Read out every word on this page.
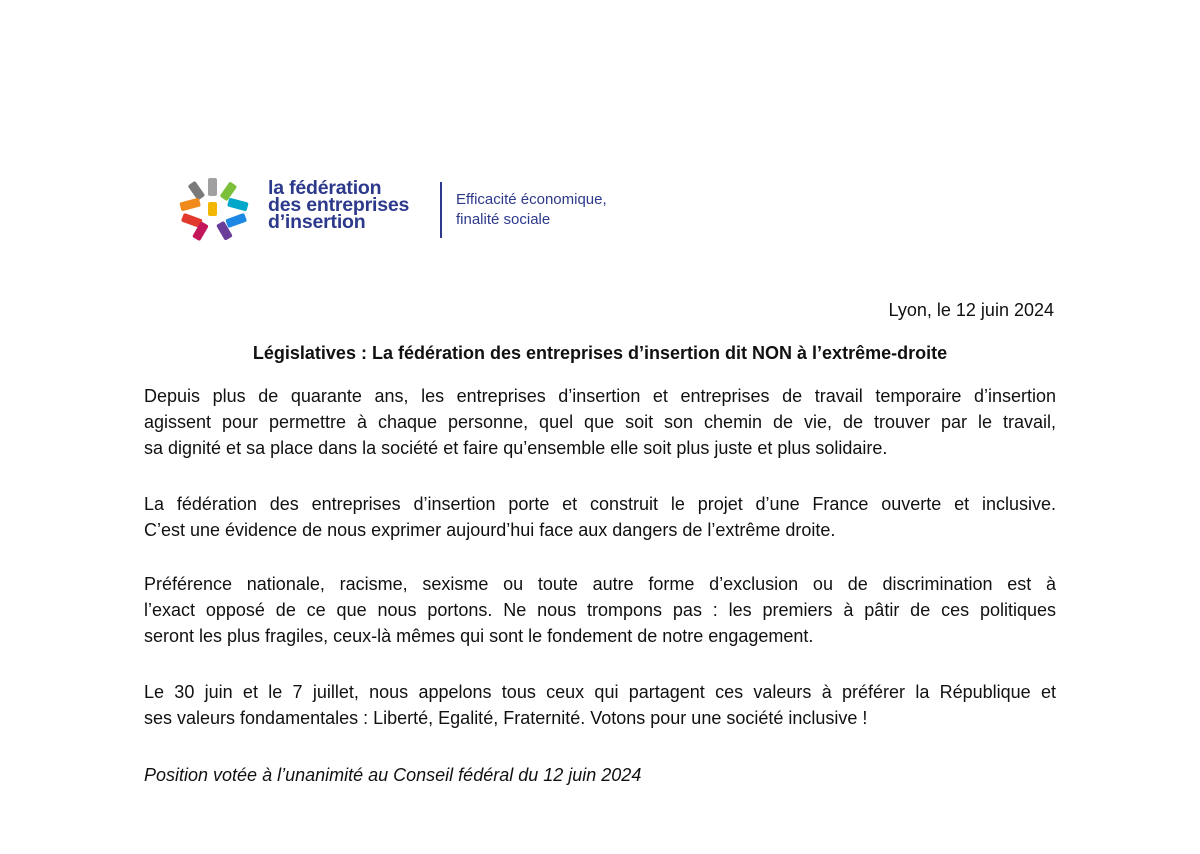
la fédération
des entreprises
d’insertion
Efficacité économique,
finalité sociale
Lyon, le 12 juin 2024
Législatives : La fédération des entreprises d’insertion dit NON à l’extrême-droite

Depuis plus de quarante ans, les entreprises d’insertion et entreprises de travail temporaire d’insertion
agissent pour permettre à chaque personne, quel que soit son chemin de vie, de trouver par le travail,
sa dignité et sa place dans la société et faire qu’ensemble elle soit plus juste et plus solidaire.

La fédération des entreprises d’insertion porte et construit le projet d’une France ouverte et inclusive.
C’est une évidence de nous exprimer aujourd’hui face aux dangers de l’extrême droite.

Préférence nationale, racisme, sexisme ou toute autre forme d’exclusion ou de discrimination est à
l’exact opposé de ce que nous portons. Ne nous trompons pas : les premiers à pâtir de ces politiques
seront les plus fragiles, ceux-là mêmes qui sont le fondement de notre engagement.

Le 30 juin et le 7 juillet, nous appelons tous ceux qui partagent ces valeurs à préférer la République et
ses valeurs fondamentales : Liberté, Egalité, Fraternité. Votons pour une société inclusive !

Position votée à l’unanimité au Conseil fédéral du 12 juin 2024
